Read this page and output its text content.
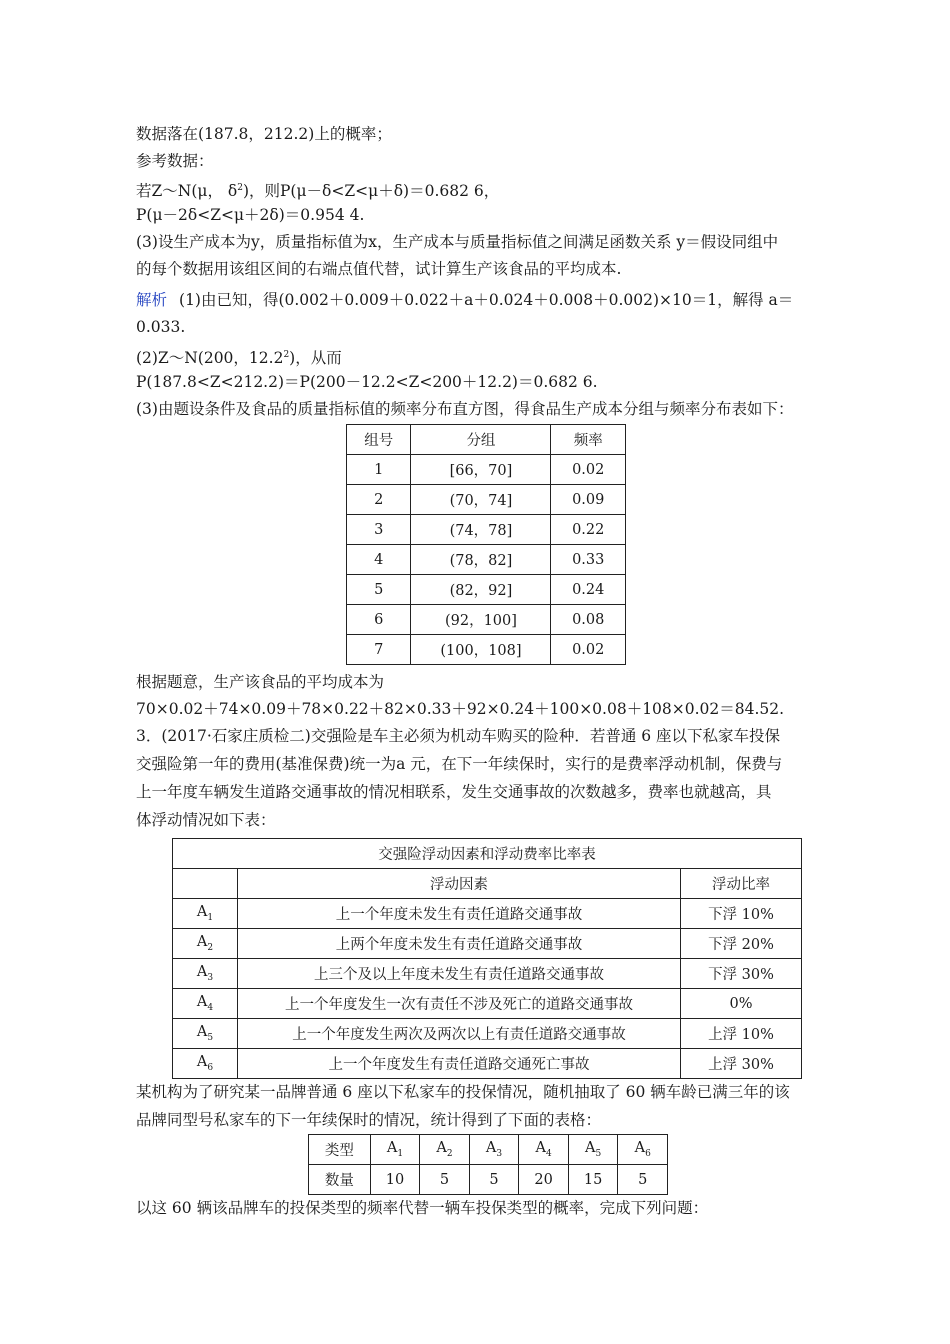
数据落在(187.8，212.2)上的概率；
参考数据：
若Z～N(μ， $\delta^2$)，则P(μ－δ<Z<μ＋δ)＝0.682 6，
P(μ－2δ<Z<μ＋2δ)＝0.954 4.
(3)设生产成本为y，质量指标值为x，生产成本与质量指标值之间满足函数关系 y＝假设同组中
的每个数据用该组区间的右端点值代替，试计算生产该食品的平均成本.
解析 (1)由已知，得(0.002＋0.009＋0.022＋a＋0.024＋0.008＋0.002)×10＝1，解得 a＝
0.033.
(2)Z～N(200，12.2$^2$)，从而
P(187.8<Z<212.2)＝P(200－12.2<Z<200＋12.2)＝0.682 6.
(3)由题设条件及食品的质量指标值的频率分布直方图，得食品生产成本分组与频率分布表如下：
组号	分组	频率
1	[66，70]	0.02
2	(70，74]	0.09
3	(74，78]	0.22
4	(78，82]	0.33
5	(82，92]	0.24
6	(92，100]	0.08
7	(100，108]	0.02
根据题意，生产该食品的平均成本为
70×0.02＋74×0.09＋78×0.22＋82×0.33＋92×0.24＋100×0.08＋108×0.02＝84.52.
3．(2017·石家庄质检二)交强险是车主必须为机动车购买的险种．若普通 6 座以下私家车投保
交强险第一年的费用(基准保费)统一为a 元，在下一年续保时，实行的是费率浮动机制，保费与
上一年度车辆发生道路交通事故的情况相联系，发生交通事故的次数越多，费率也就越高，具
体浮动情况如下表：
交强险浮动因素和浮动费率比率表		
	浮动因素	浮动比率
$A_1$	上一个年度未发生有责任道路交通事故	下浮 10%
$A_2$	上两个年度未发生有责任道路交通事故	下浮 20%
$A_3$	上三个及以上年度未发生有责任道路交通事故	下浮 30%
$A_4$	上一个年度发生一次有责任不涉及死亡的道路交通事故	0%
$A_5$	上一个年度发生两次及两次以上有责任道路交通事故	上浮 10%
$A_6$	上一个年度发生有责任道路交通死亡事故	上浮 30%
某机构为了研究某一品牌普通 6 座以下私家车的投保情况，随机抽取了 60 辆车龄已满三年的该
品牌同型号私家车的下一年续保时的情况，统计得到了下面的表格：
类型	$A_1$	$A_2$	$A_3$	$A_4$	$A_5$	$A_6$
数量	10	5	5	20	15	5
以这 60 辆该品牌车的投保类型的频率代替一辆车投保类型的概率，完成下列问题：
